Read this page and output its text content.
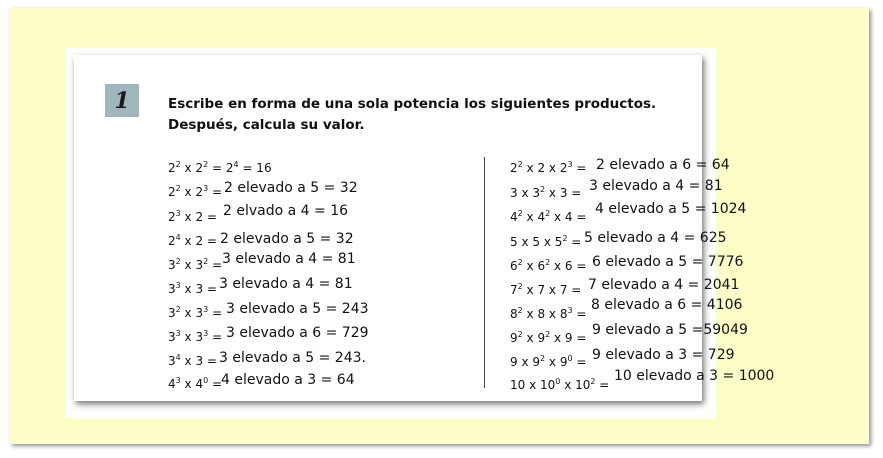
1	Escribe en forma de una sola potencia los siguientes productos.
Después, calcula su valor.
$2^2$ x $2^2 = 2^4 = 16$
$2^2$ x $2^3 = 2$ elevado a 5 = 32
$2^3$ x 2 = 2 elvado a 4 = 16
$2^4$ x 2 = 2 elevado a 5 = 32
$3^2$ x $3^2 = 3$ elevado a 4 = 81
$3^3$ x 3 = 3 elevado a 4 = 81
$3^2$ x $3^3 = 3$ elevado a 5 = 243
$3^3$ x $3^3 = 3$ elevado a 6 = 729
$3^4$ x 3 = 3 elevado a 5 = 243.
$4^3$ x $4^0$ =
4 elevado a 3 = 64
$2^2$ x 2 x $2^3 = 2$ elevado a 6 = 64
3 x $3^2$ x 3 = 3 elevado a 4 = 81
$4^2$ x $4^2$ x 4 = 4 elevado a 5 = 1024
5 x 5 x $5^2 = 5$ elevado a 4 = 625
$6^2$ x $6^2$ x 6 = 6 elevado a 5 = 7776
$7^2$ x 7 x 7 = 7 elevado a 4 = 2041
$8^2$ x 8 x $8^3$ =
8 elevado a 6 = 4106
$9^2$ x $9^2$ x 9 = 9 elevado a 5 =59049
9 x $9^2$ x $9^0 = 9$ elevado a 3 = 729
10 x $10^0$ x $10^2$ =
10 elevado a 3 = 1000
